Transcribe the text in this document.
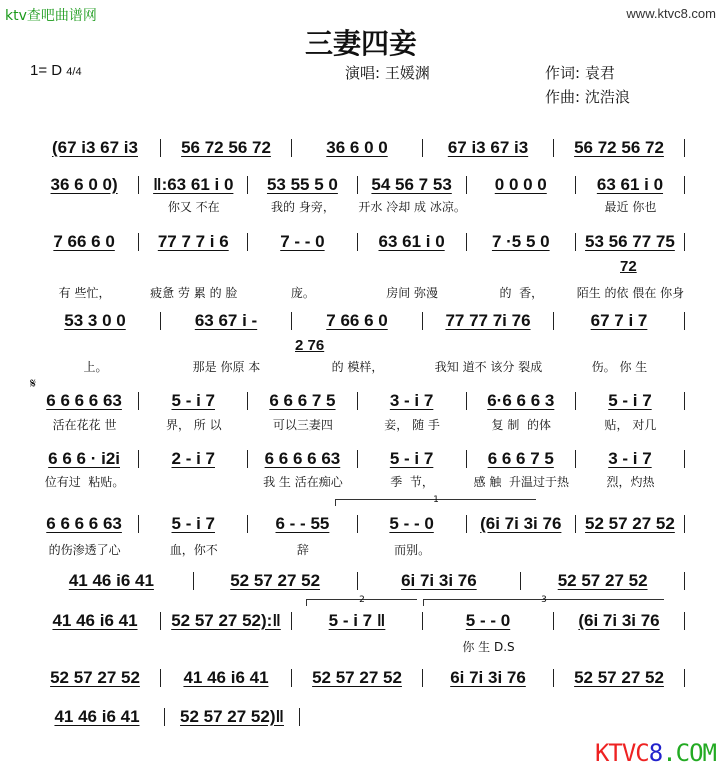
ktv查吧曲谱网	www.ktvc8.com
三妻四妾
1= D 4/4	演唱: 王媛渊	作词: 袁君
作曲: 沈浩浪
𝄋
1
2	3
(67 i3 67 i3	56 72 56 72	36 6 0 0	67 i3 67 i3	56 72 56 72
36 6 0 0)	‖:63 61 i 0	53 55 5 0	54 56 7 53	0 0 0 0	63 61 i 0
你又 不在	我的 身旁，	开水 冷却 成 冰凉。	最近 你也
7 66 6 0	77 7 7 i 6	7 - - 0	63 61 i 0	7 ·5 5 0	53 56 77 75
有 些忙，	疲惫 劳 累 的 脸	庞。	房间 弥漫	的  香，	陌生 的依 偎在 你身
72
53 3 0 0	63 67 i -	7 66 6 0	77 77 7i 76	67 7 i 7
上。	那是 你原 本	的 模样，	我知 道不 该分 裂成	伤。 你 生
2 76
6 6 6 6 63	5 - i 7	6 6 6 7 5	3 - i 7	6·6 6 6 3	5 - i 7
活在花花 世	界， 所 以	可以三妻四	妾， 随 手	复 制  的体	贴， 对几
6 6 6 · i2i	2 - i 7	6 6 6 6 63	5 - i 7	6 6 6 7 5	3 - i 7
位有过  粘贴。	我 生 活在痴心	季  节，	感 触  升温过于热	烈，灼热
6 6 6 6 63	5 - i 7	6 - - 55	5 - - 0	(6i 7i 3i 76	52 57 27 52
的伤渗透了心	血，你不	辞	而别。
41 46 i6 41	52 57 27 52	6i 7i 3i 76	52 57 27 52
41 46 i6 41	52 57 27 52):‖	5 - i 7 ‖	5 - - 0	(6i 7i 3i 76
你 生 D.S
52 57 27 52	41 46 i6 41	52 57 27 52	6i 7i 3i 76	52 57 27 52
41 46 i6 41	52 57 27 52)‖
KTVC8.COM
